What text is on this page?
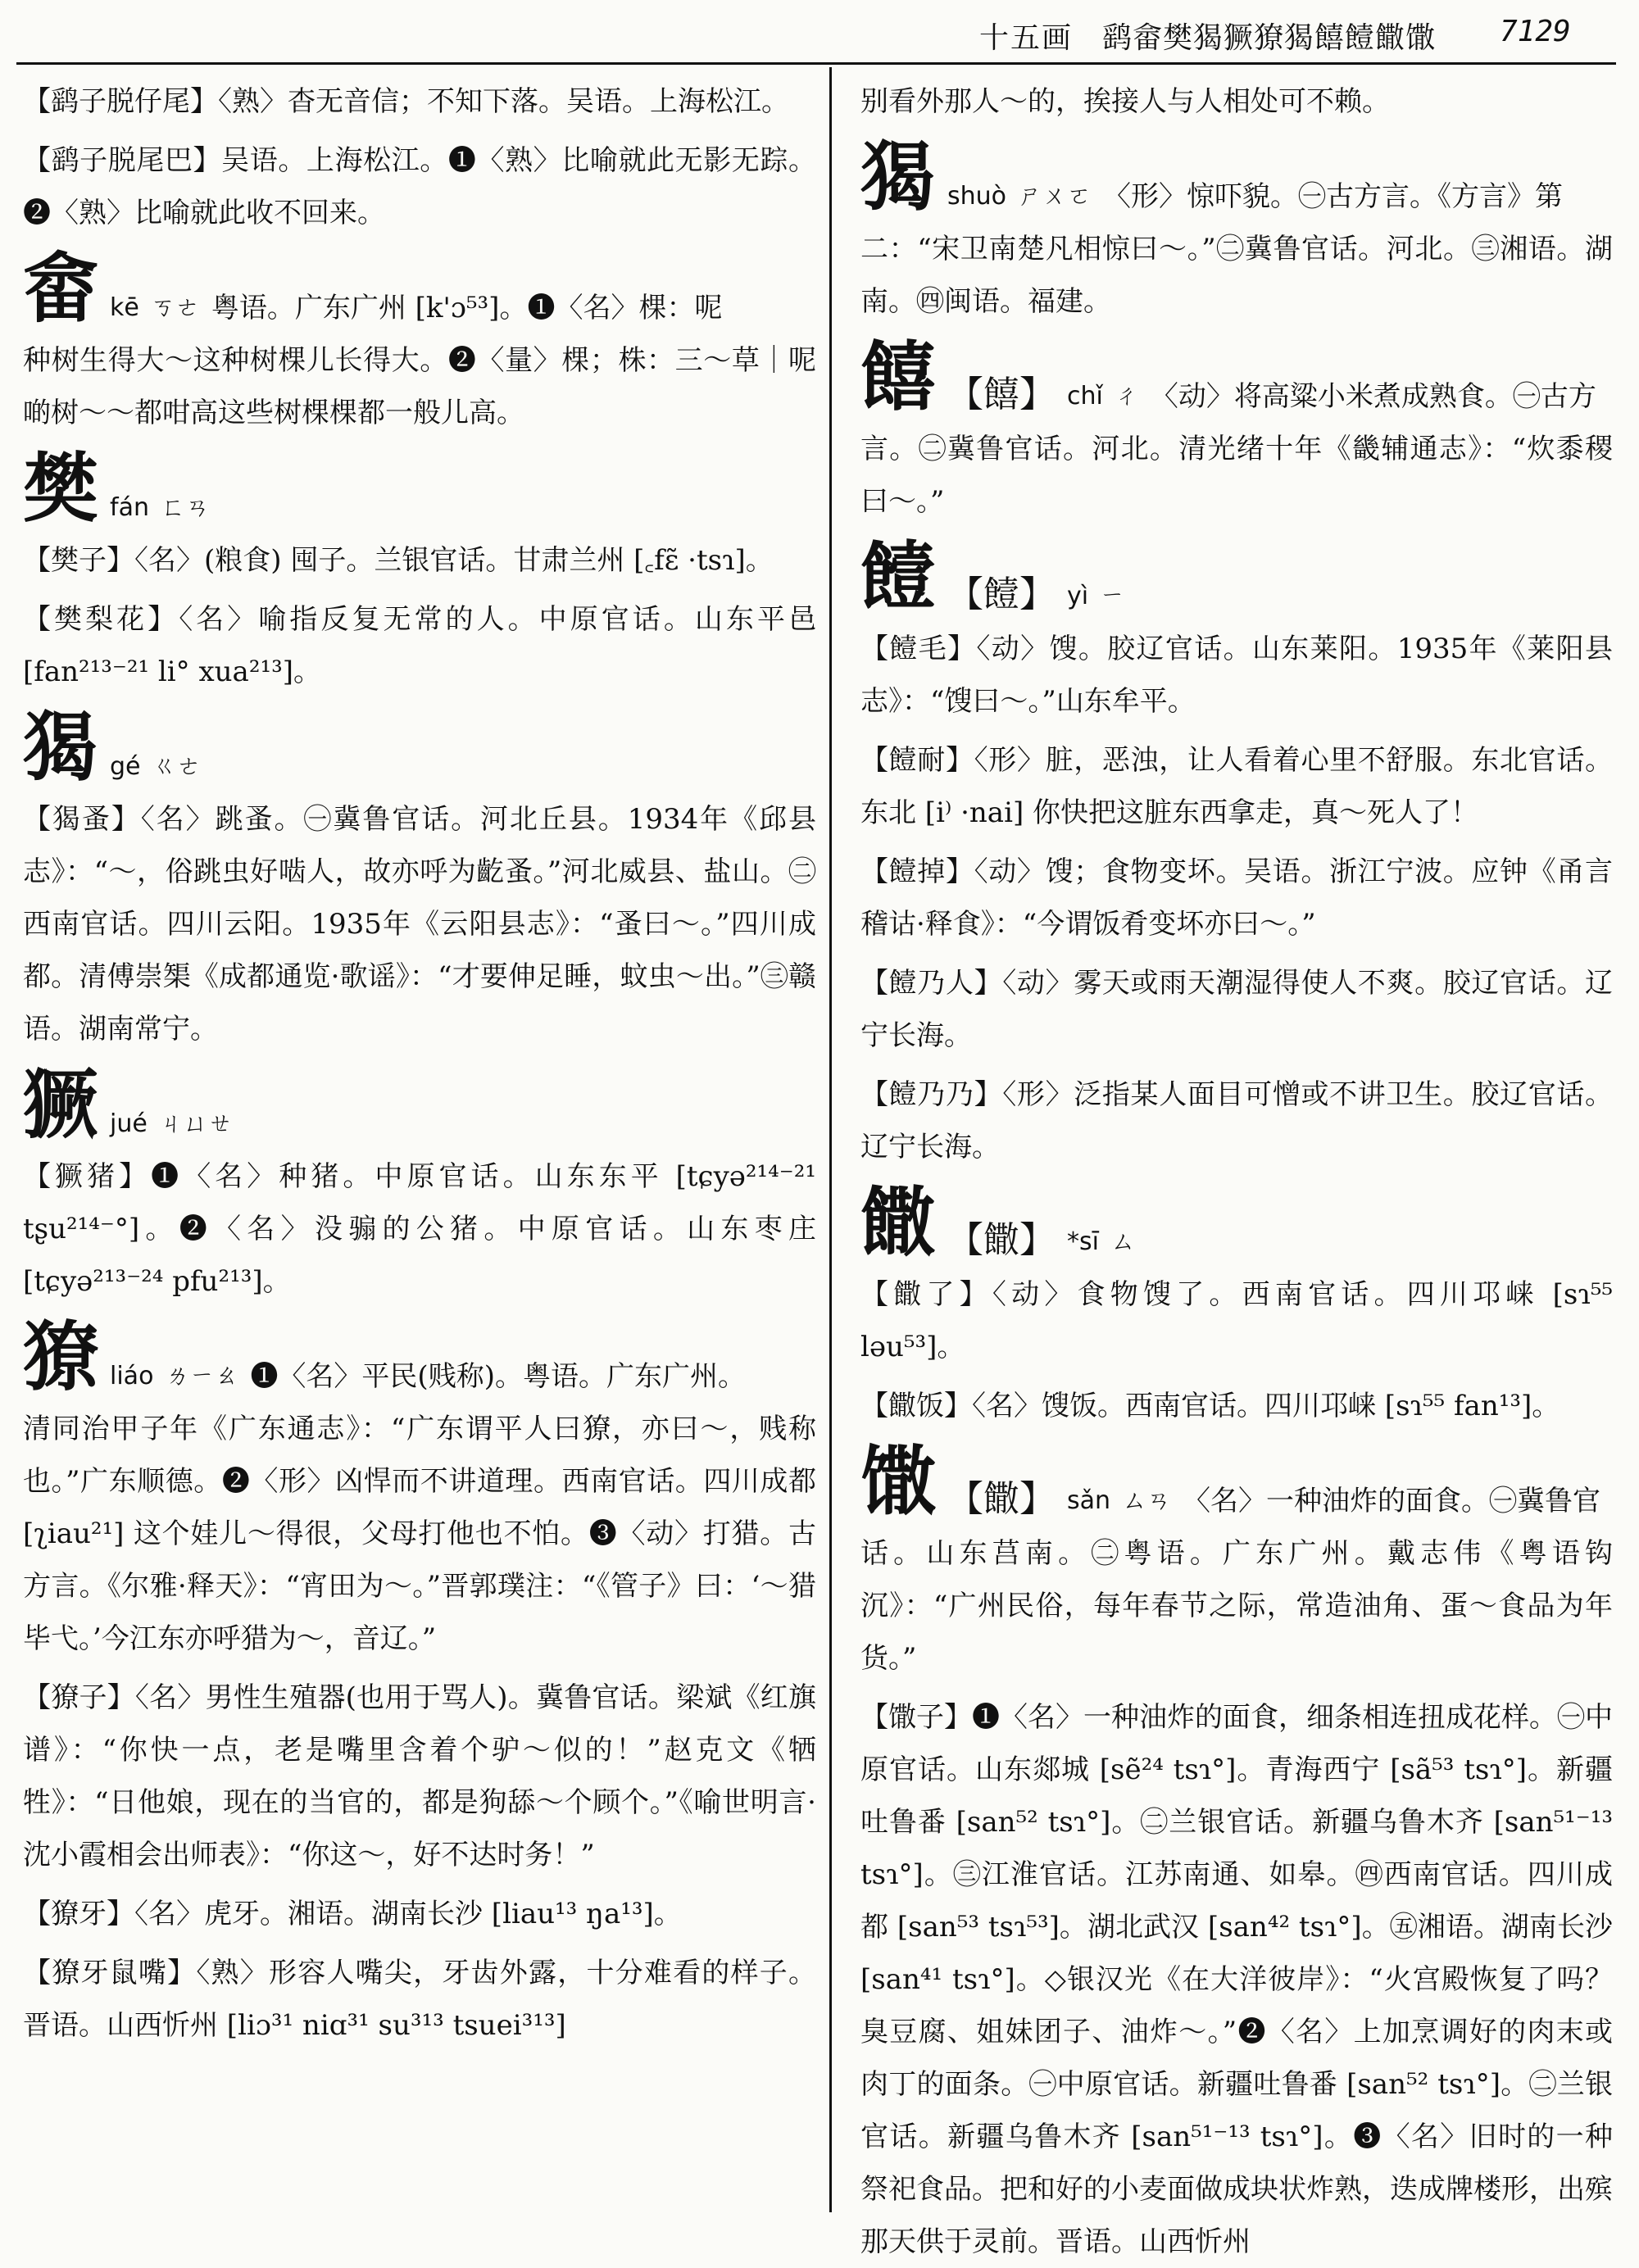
十五画 鹞畲樊猲獗獠猲饎饐饊馓 7129

【鹞子脱仔尾】〈熟〉杳无音信；不知下落。吴语。上海松江。

【鹞子脱尾巴】吴语。上海松江。❶〈熟〉比喻就此无影无踪。❷〈熟〉比喻就此收不回来。

畲 kē ㄎㄜ 粤语。广东广州 [k'ɔ⁵³]。❶〈名〉棵：呢

种树生得大～这种树棵儿长得大。❷〈量〉棵；株：三～草｜呢啲树～～都咁高这些树棵棵都一般儿高。

樊 fán ㄈㄢ

【樊子】〈名〉(粮食) 囤子。兰银官话。甘肃兰州 [꜀fɛ̃ ·tsɿ]。

【樊梨花】〈名〉喻指反复无常的人。中原官话。山东平邑 [fan²¹³⁻²¹ li° xua²¹³]。

猲 gé ㄍㄜ

【猲蚤】〈名〉跳蚤。㊀冀鲁官话。河北丘县。1934年《邱县志》：“～，俗跳虫好啮人，故亦呼为齕蚤。”河北威县、盐山。㊁西南官话。四川云阳。1935年《云阳县志》：“蚤曰～。”四川成都。清傅崇榘《成都通览·歌谣》：“才要伸足睡，蚊虫～出。”㊂赣语。湖南常宁。

獗 jué ㄐㄩㄝ

【獗猪】❶〈名〉种猪。中原官话。山东东平 [tɕyə²¹⁴⁻²¹ tʂu²¹⁴⁻°]。❷〈名〉没骟的公猪。中原官话。山东枣庄 [tɕyə²¹³⁻²⁴ pfu²¹³]。

獠 liáo ㄌㄧㄠ ❶〈名〉平民(贱称)。粤语。广东广州。

清同治甲子年《广东通志》：“广东谓平人曰獠，亦曰～，贱称也。”广东顺德。❷〈形〉凶悍而不讲道理。西南官话。四川成都 [ʅiau²¹] 这个娃儿～得很，父母打他也不怕。❸〈动〉打猎。古方言。《尔雅·释天》：“宵田为～。”晋郭璞注：“《管子》曰：‘～猎毕弋。’今江东亦呼猎为～，音辽。”

【獠子】〈名〉男性生殖器(也用于骂人)。冀鲁官话。梁斌《红旗谱》：“你快一点，老是嘴里含着个驴～似的！”赵克文《牺牲》：“日他娘，现在的当官的，都是狗舔～个顾个。”《喻世明言·沈小霞相会出师表》：“你这～，好不达时务！”

【獠牙】〈名〉虎牙。湘语。湖南长沙 [liau¹³ ŋa¹³]。

【獠牙鼠嘴】〈熟〉形容人嘴尖，牙齿外露，十分难看的样子。晋语。山西忻州 [liɔ³¹ niɑ³¹ su³¹³ tsuei³¹³]

别看外那人～的，挨接人与人相处可不赖。

猲 shuò ㄕㄨㄛ 〈形〉惊吓貌。㊀古方言。《方言》第

二：“宋卫南楚凡相惊曰～。”㊁冀鲁官话。河北。㊂湘语。湖南。㊃闽语。福建。

饎 【饎】 chǐ ㄔ 〈动〉将高粱小米煮成熟食。㊀古方

言。㊁冀鲁官话。河北。清光绪十年《畿辅通志》：“炊黍稷曰～。”

饐 【饐】 yì ㄧ

【饐毛】〈动〉馊。胶辽官话。山东莱阳。1935年《莱阳县志》：“馊曰～。”山东牟平。

【饐耐】〈形〉脏，恶浊，让人看着心里不舒服。东北官话。东北 [i⁾ ·nai] 你快把这脏东西拿走，真～死人了！

【饐掉】〈动〉馊；食物变坏。吴语。浙江宁波。应钟《甬言稽诂·释食》：“今谓饭肴变坏亦曰～。”

【饐乃人】〈动〉雾天或雨天潮湿得使人不爽。胶辽官话。辽宁长海。

【饐乃乃】〈形〉泛指某人面目可憎或不讲卫生。胶辽官话。辽宁长海。

饊 【饊】 *sī ㄙ

【饊了】〈动〉食物馊了。西南官话。四川邛崃 [sɿ⁵⁵ ləu⁵³]。

【饊饭】〈名〉馊饭。西南官话。四川邛崃 [sɿ⁵⁵ fan¹³]。

馓 【饊】 sǎn ㄙㄢ 〈名〉一种油炸的面食。㊀冀鲁官

话。山东莒南。㊁粤语。广东广州。戴志伟《粤语钩沉》：“广州民俗，每年春节之际，常造油角、蛋～食品为年货。”

【馓子】❶〈名〉一种油炸的面食，细条相连扭成花样。㊀中原官话。山东郯城 [sẽ²⁴ tsɿ°]。青海西宁 [sã⁵³ tsɿ°]。新疆吐鲁番 [san⁵² tsɿ°]。㊁兰银官话。新疆乌鲁木齐 [san⁵¹⁻¹³ tsɿ°]。㊂江淮官话。江苏南通、如皋。㊃西南官话。四川成都 [san⁵³ tsɿ⁵³]。湖北武汉 [san⁴² tsɿ°]。㊄湘语。湖南长沙 [san⁴¹ tsɿ°]。◇银汉光《在大洋彼岸》：“火宫殿恢复了吗？臭豆腐、姐妹团子、油炸～。”❷〈名〉上加烹调好的肉末或肉丁的面条。㊀中原官话。新疆吐鲁番 [san⁵² tsɿ°]。㊁兰银官话。新疆乌鲁木齐 [san⁵¹⁻¹³ tsɿ°]。❸〈名〉旧时的一种祭祀食品。把和好的小麦面做成块状炸熟，迭成牌楼形，出殡那天供于灵前。晋语。山西忻州
